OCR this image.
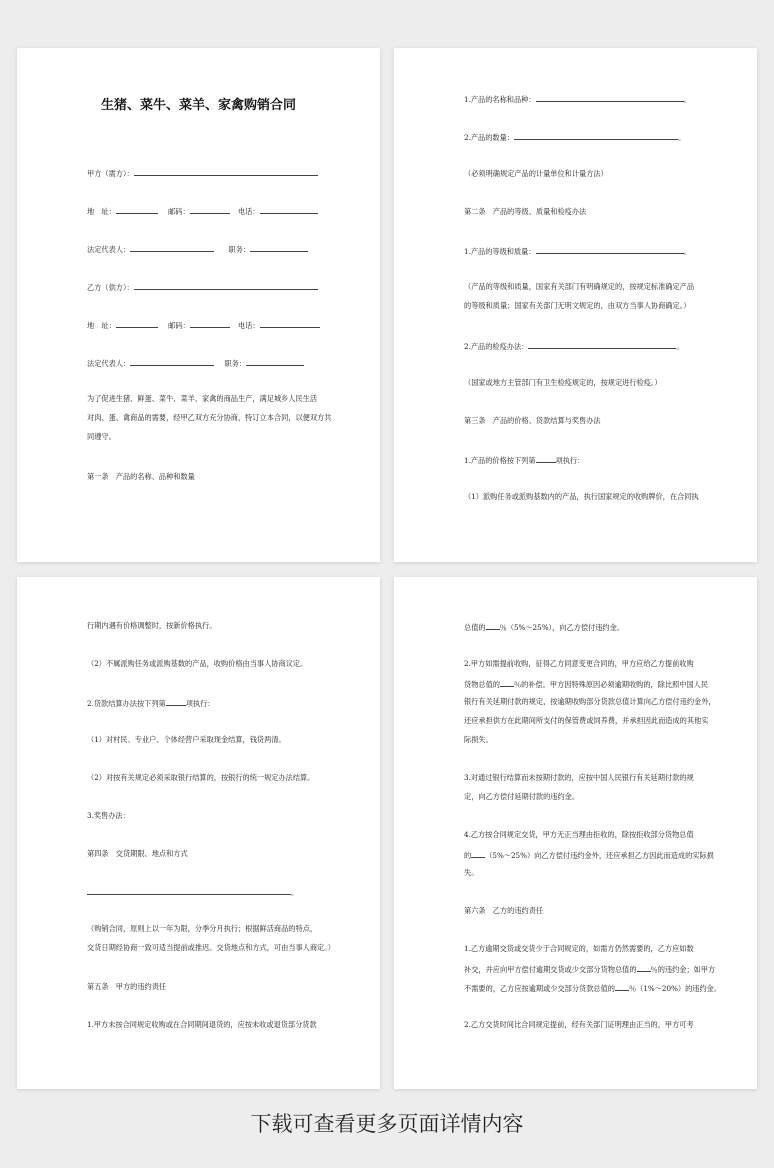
生猪、菜牛、菜羊、家禽购销合同
甲方（需方）：
地　址：	邮码：	电话：
法定代表人：	职务：
乙方（供方）：
地　址：	邮码：	电话：
法定代表人：	职务：
为了促进生猪、鲜蛋、菜牛、菜羊、家禽的商品生产，满足城乡人民生活
对肉、蛋、禽商品的需要，经甲乙双方充分协商，特订立本合同，以便双方共
同遵守。
第一条　产品的名称、品种和数量
1.产品的名称和品种：	。
2.产品的数量：	。
（必须明确规定产品的计量单位和计量方法）
第二条　产品的等级、质量和检疫办法
1.产品的等级和质量：	。
（产品的等级和质量，国家有关部门有明确规定的，按规定标准确定产品
的等级和质量；国家有关部门无明文规定的，由双方当事人协商确定。）
2.产品的检疫办法：	。
（国家或地方主管部门有卫生检疫规定的，按规定进行检疫。）
第三条　产品的价格、货款结算与奖售办法
1.产品的价格按下列第	项执行：
（1）派购任务或派购基数内的产品，执行国家规定的收购牌价，在合同执
行期内遇有价格调整时，按新价格执行。
（2）不属派购任务或派购基数的产品，收购价格由当事人协商议定。
2.货款结算办法按下列第	项执行：
（1）对村民、专业户、个体经营户采取现金结算，钱货两清。
（2）对按有关规定必须采取银行结算的，按银行的统一规定办法结算。
3.奖售办法：
第四条　交货期限、地点和方式
。
（购销合同，原则上以一年为限，分季分月执行；根据鲜活商品的特点，
交货日期经协商一致可适当提前或推迟。交货地点和方式，可由当事人商定。）
第五条　甲方的违约责任
1.甲方未按合同规定收购或在合同期间退货的，应按未收或退货部分货款
总值的 ％（5%～25%），向乙方偿付违约金。
2.甲方如需提前收购，征得乙方同意变更合同的，甲方应给乙方提前收购
货物总值的 ％的补偿。甲方因特殊原因必须逾期收购的，除比照中国人民
银行有关延期付款的规定，按逾期收购部分货款总值计算向乙方偿付违约金外，
还应承担供方在此期间所支付的保管费或饲养费，并承担因此而造成的其他实
际损失。
3.对通过银行结算而未按期付款的，应按中国人民银行有关延期付款的规
定，向乙方偿付延期付款的违约金。
4.乙方按合同规定交货，甲方无正当理由拒收的，除按拒收部分货物总值
的 （5%～25%）向乙方偿付违约金外，还应承担乙方因此而造成的实际损
失。
第六条　乙方的违约责任
1.乙方逾期交货或交货少于合同规定的，如需方仍然需要的，乙方应如数
补交，并应向甲方偿付逾期交货或少交部分货物总值的 ％的违约金；如甲方
不需要的，乙方应按逾期或少交部分货款总值的 ％（1%～20%）的违约金。
2.乙方交货时间比合同规定提前，经有关部门证明理由正当的，甲方可考
下载可查看更多页面详情内容
